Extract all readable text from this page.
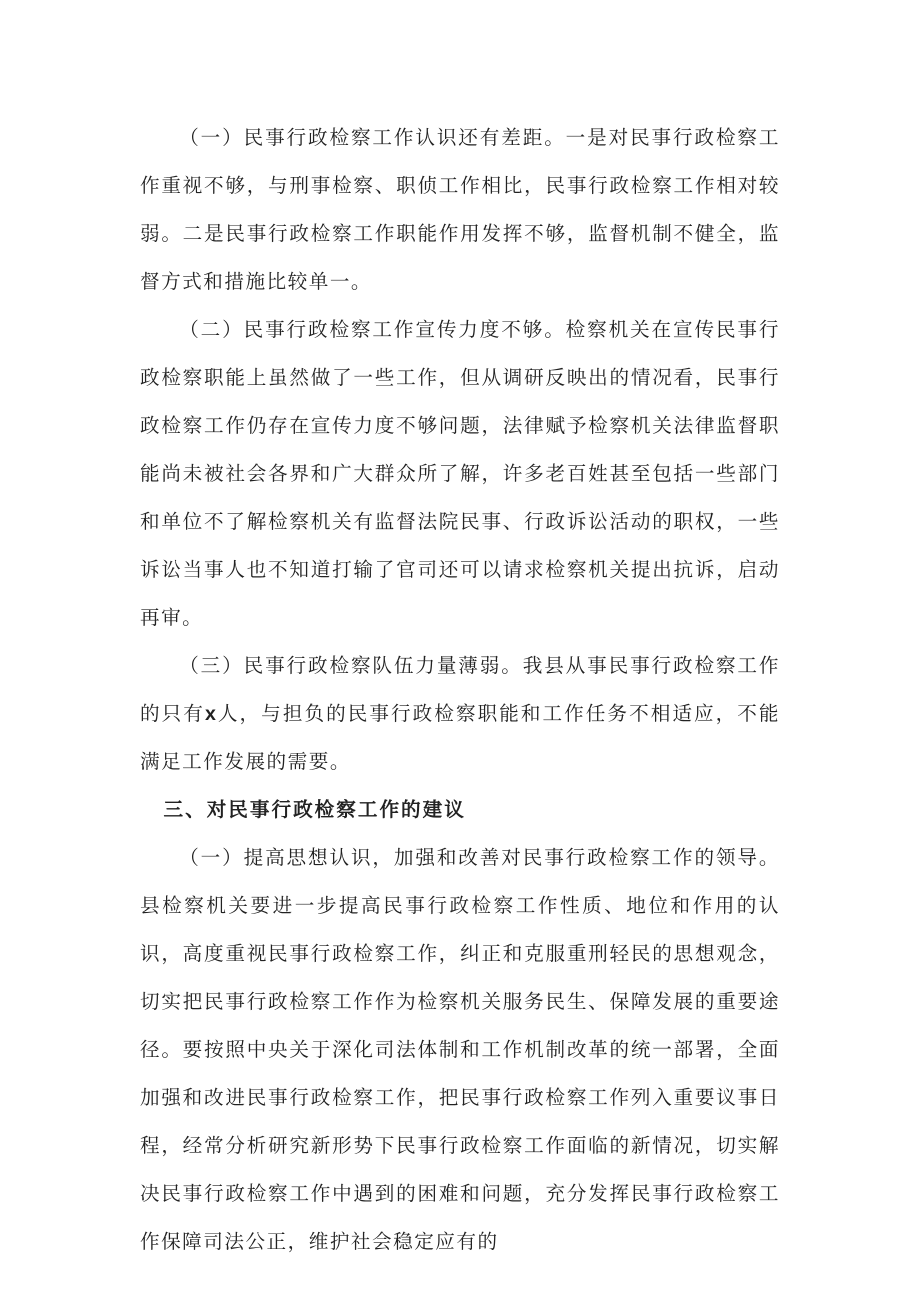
（一）民事行政检察工作认识还有差距。一是对民事行政检察工作重视不够，与刑事检察、职侦工作相比，民事行政检察工作相对较弱。二是民事行政检察工作职能作用发挥不够，监督机制不健全，监督方式和措施比较单一。

（二）民事行政检察工作宣传力度不够。检察机关在宣传民事行政检察职能上虽然做了一些工作，但从调研反映出的情况看，民事行政检察工作仍存在宣传力度不够问题，法律赋予检察机关法律监督职能尚未被社会各界和广大群众所了解，许多老百姓甚至包括一些部门和单位不了解检察机关有监督法院民事、行政诉讼活动的职权，一些诉讼当事人也不知道打输了官司还可以请求检察机关提出抗诉，启动再审。

（三）民事行政检察队伍力量薄弱。我县从事民事行政检察工作的只有x人，与担负的民事行政检察职能和工作任务不相适应，不能满足工作发展的需要。

三、对民事行政检察工作的建议

（一）提高思想认识，加强和改善对民事行政检察工作的领导。县检察机关要进一步提高民事行政检察工作性质、地位和作用的认识，高度重视民事行政检察工作，纠正和克服重刑轻民的思想观念，切实把民事行政检察工作作为检察机关服务民生、保障发展的重要途径。要按照中央关于深化司法体制和工作机制改革的统一部署，全面加强和改进民事行政检察工作，把民事行政检察工作列入重要议事日程，经常分析研究新形势下民事行政检察工作面临的新情况，切实解决民事行政检察工作中遇到的困难和问题，充分发挥民事行政检察工作保障司法公正，维护社会稳定应有的
